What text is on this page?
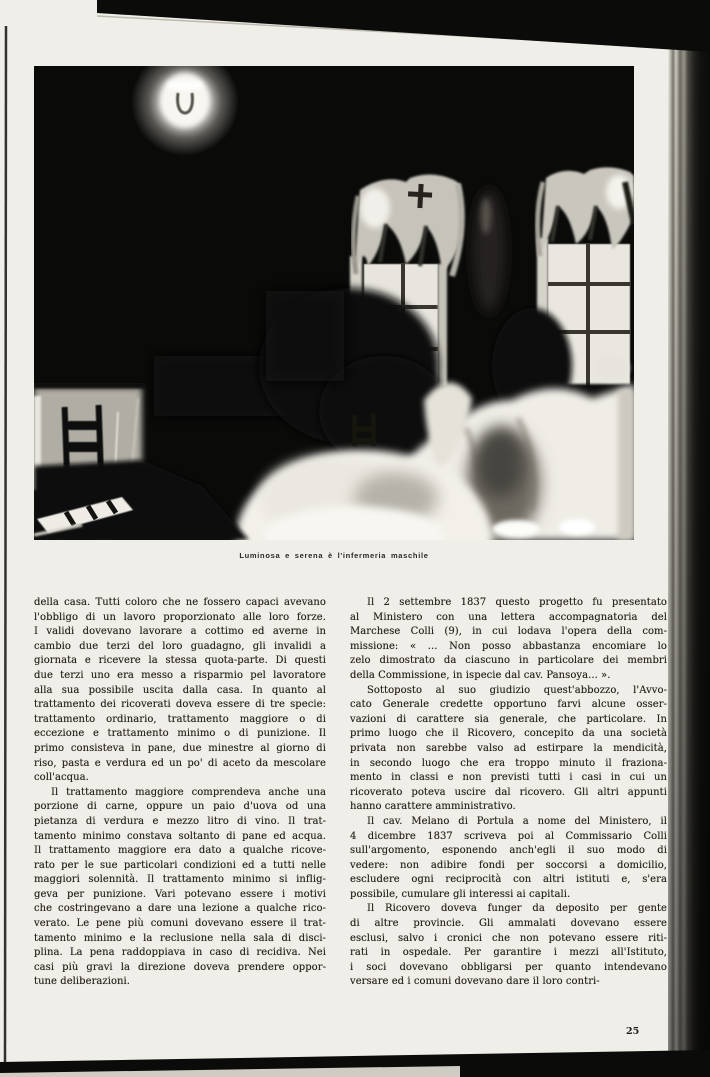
Luminosa e serena è l'infermeria maschile
della casa. Tutti coloro che ne fossero capaci avevano
l'obbligo di un lavoro proporzionato alle loro forze.
I validi dovevano lavorare a cottimo ed averne in
cambio due terzi del loro guadagno, gli invalidi a
giornata e ricevere la stessa quota-parte. Di questi
due terzi uno era messo a risparmio pel lavoratore
alla sua possibile uscita dalla casa. In quanto al
trattamento dei ricoverati doveva essere di tre specie:
trattamento ordinario, trattamento maggiore o di
eccezione e trattamento minimo o di punizione. Il
primo consisteva in pane, due minestre al giorno di
riso, pasta e verdura ed un po' di aceto da mescolare
coll'acqua.
Il trattamento maggiore comprendeva anche una
porzione di carne, oppure un paio d'uova od una
pietanza di verdura e mezzo litro di vino. Il trat-
tamento minimo constava soltanto di pane ed acqua.
Il trattamento maggiore era dato a qualche ricove-
rato per le sue particolari condizioni ed a tutti nelle
maggiori solennità. Il trattamento minimo si inflig-
geva per punizione. Vari potevano essere i motivi
che costringevano a dare una lezione a qualche rico-
verato. Le pene più comuni dovevano essere il trat-
tamento minimo e la reclusione nella sala di disci-
plina. La pena raddoppiava in caso di recidiva. Nei
casi più gravi la direzione doveva prendere oppor-
tune deliberazioni.
Il 2 settembre 1837 questo progetto fu presentato
al Ministero con una lettera accompagnatoria del
Marchese Colli (9), in cui lodava l'opera della com-
missione: « ... Non posso abbastanza encomiare lo
zelo dimostrato da ciascuno in particolare dei membri
della Commissione, in ispecie dal cav. Pansoya... ».
Sottoposto al suo giudizio quest'abbozzo, l'Avvo-
cato Generale credette opportuno farvi alcune osser-
vazioni di carattere sia generale, che particolare. In
primo luogo che il Ricovero, concepito da una società
privata non sarebbe valso ad estirpare la mendicità,
in secondo luogo che era troppo minuto il fraziona-
mento in classi e non previsti tutti i casi in cui un
ricoverato poteva uscire dal ricovero. Gli altri appunti
hanno carattere amministrativo.
Il cav. Melano di Portula a nome del Ministero, il
4 dicembre 1837 scriveva poi al Commissario Colli
sull'argomento, esponendo anch'egli il suo modo di
vedere: non adibire fondi per soccorsi a domicilio,
escludere ogni reciprocità con altri istituti e, s'era
possibile, cumulare gli interessi ai capitali.
Il Ricovero doveva funger da deposito per gente
di altre provincie. Gli ammalati dovevano essere
esclusi, salvo i cronici che non potevano essere riti-
rati in ospedale. Per garantire i mezzi all'Istituto,
i soci dovevano obbligarsi per quanto intendevano
versare ed i comuni dovevano dare il loro contri-
25
